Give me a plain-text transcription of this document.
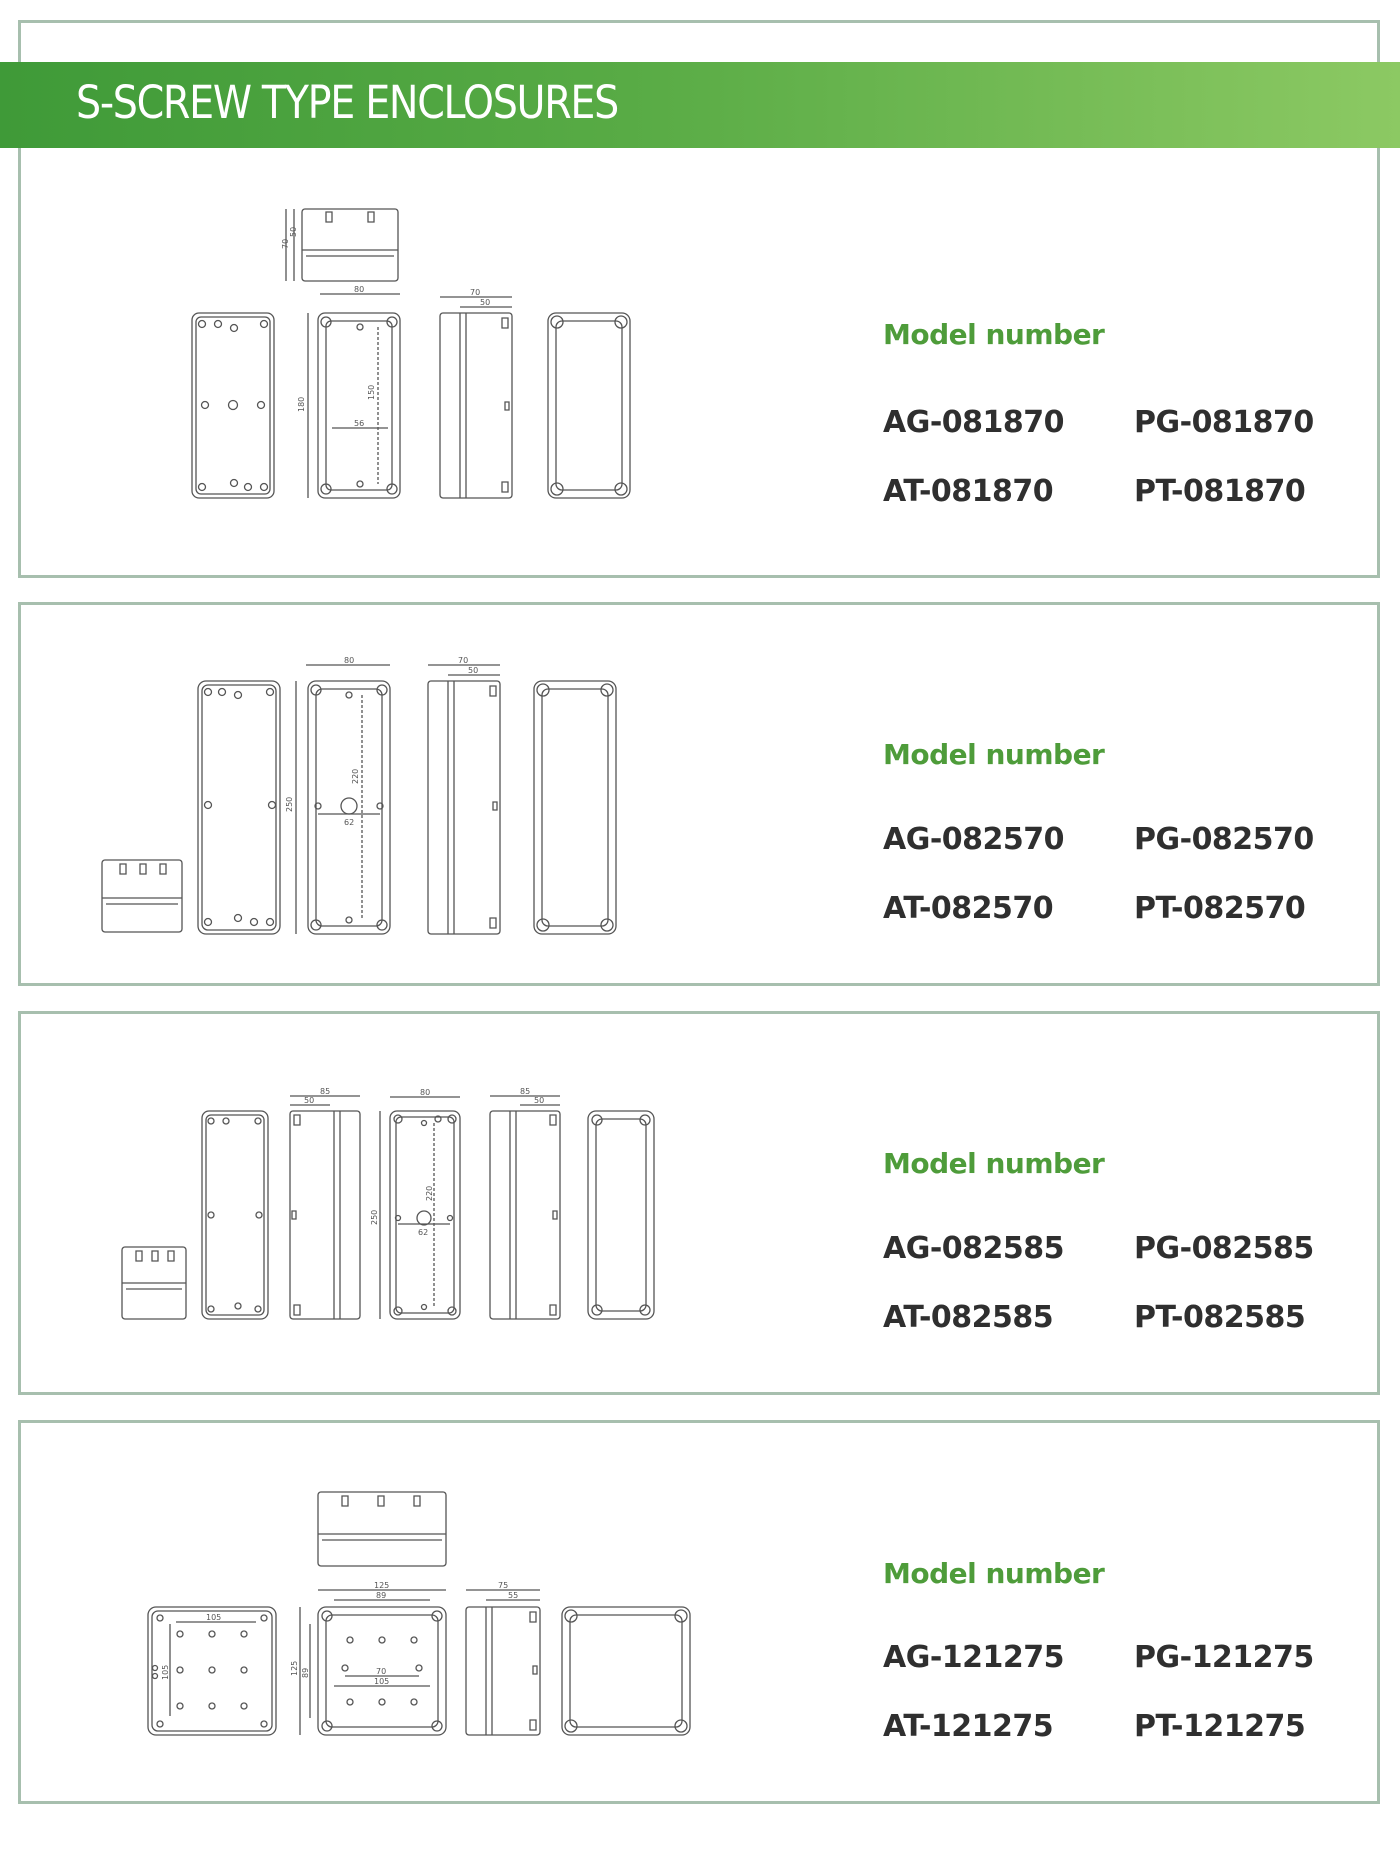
S-SCREW TYPE ENCLOSURES
50
70
80
180
150
56
70
50
Model number
AG-081870 PG-081870
AT-081870	PT-081870
80
250
220
62
70
50
Model number
AG-082570 PG-082570
AT-082570	PT-082570
85
50
80
250
220
62
85
50
Model number
AG-082585 PG-082585
AT-082585	PT-082585
105
105
125
89
125 89	70
105
75
55
Model number
AG-121275 PG-121275
AT-121275	PT-121275
